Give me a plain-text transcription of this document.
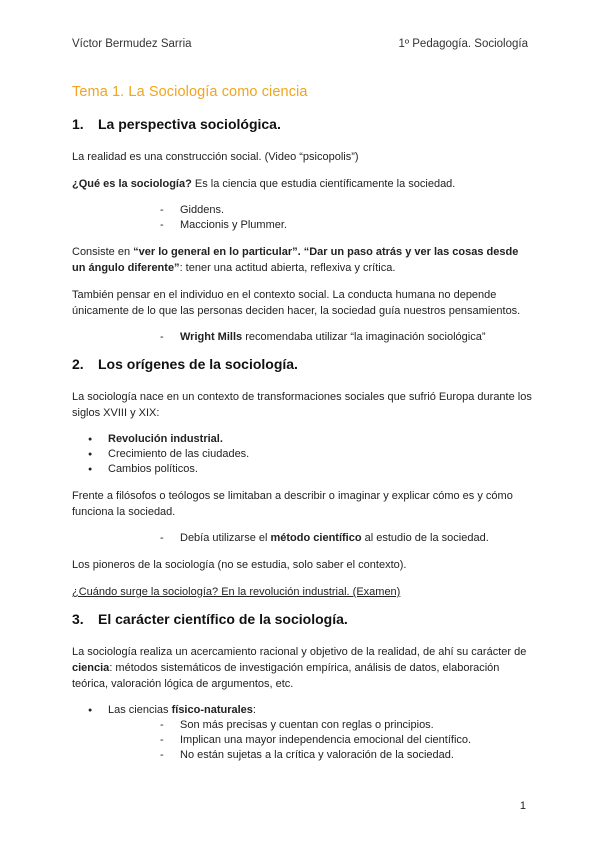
Víctor Bermudez Sarria	1º Pedagogía. Sociología
Tema 1. La Sociología como ciencia
1. La perspectiva sociológica.

La realidad es una construcción social. (Video “psicopolis”)

¿Qué es la sociología? Es la ciencia que estudia científicamente la sociedad.

- Giddens.
- Maccionis y Plummer.

Consiste en “ver lo general en lo particular”. “Dar un paso atrás y ver las cosas desde un ángulo diferente”: tener una actitud abierta, reflexiva y crítica.

También pensar en el individuo en el contexto social. La conducta humana no depende únicamente de lo que las personas deciden hacer, la sociedad guía nuestros pensamientos.

- Wright Mills recomendaba utilizar “la imaginación sociológica”
2. Los orígenes de la sociología.

La sociología nace en un contexto de transformaciones sociales que sufrió Europa durante los siglos XVIII y XIX:

● Revolución industrial.
● Crecimiento de las ciudades.
● Cambios políticos.

Frente a filósofos o teólogos se limitaban a describir o imaginar y explicar cómo es y cómo funciona la sociedad.

- Debía utilizarse el método científico al estudio de la sociedad.

Los pioneros de la sociología (no se estudia, solo saber el contexto).

¿Cuándo surge la sociología? En la revolución industrial. (Examen)

3. El carácter científico de la sociología.

La sociología realiza un acercamiento racional y objetivo de la realidad, de ahí su carácter de ciencia: métodos sistemáticos de investigación empírica, análisis de datos, elaboración teórica, valoración lógica de argumentos, etc.

● Las ciencias físico-naturales:
- Son más precisas y cuentan con reglas o principios.
- Implican una mayor independencia emocional del científico.
- No están sujetas a la crítica y valoración de la sociedad.
1
